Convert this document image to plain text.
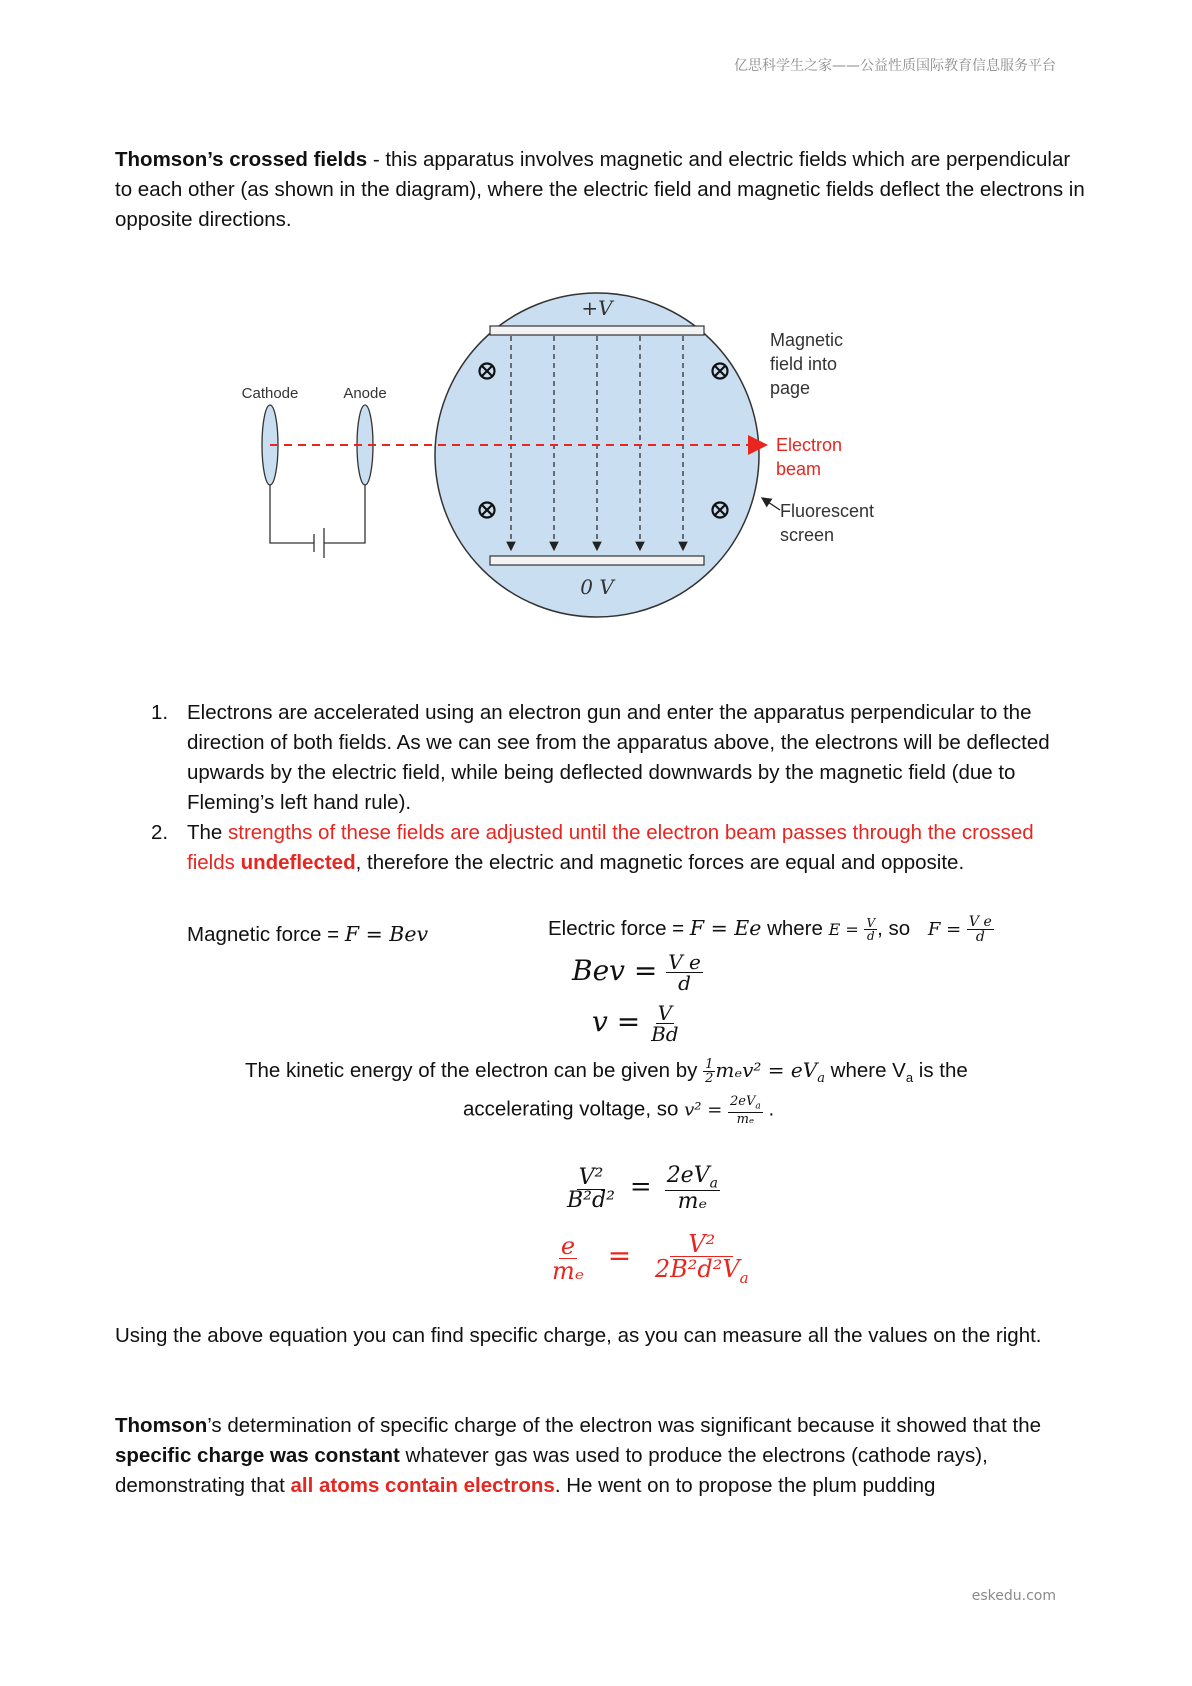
亿思科学生之家——公益性质国际教育信息服务平台

Thomson’s crossed fields - this apparatus involves magnetic and electric fields which are perpendicular to each other (as shown in the diagram), where the electric field and magnetic fields deflect the electrons in opposite directions.

+V
0 V
Cathode	Anode
Magnetic
field into
page
Electron
beam
Fluorescent
screen
1. Electrons are accelerated using an electron gun and enter the apparatus perpendicular to the direction of both fields. As we can see from the apparatus above, the electrons will be deflected upwards by the electric field, while being deflected downwards by the magnetic field (due to Fleming’s left hand rule).
2. The strengths of these fields are adjusted until the electron beam passes through the crossed fields undeflected, therefore the electric and magnetic forces are equal and opposite.
Magnetic force = F = Bev	Electric force = F = Ee where $E = \frac{V}{d}$ , so $F = \frac{\text{V e}}{d}$
Bev = $\frac{\text{V e}}{d}$
$v = \frac{V}{Bd}$
The kinetic energy of the electron can be given by $\frac{1}{2} m_ev^2 = eV_a$ where $V_a$ is the
accelerating voltage, so $v^2 = \frac{2eV_a}{\text{mₑ}}$ .
$\frac{\text{V²}}{\text{B²d²}} = \frac{2eV_a}{\text{mₑ}}$
$\frac{e}{\text{mₑ}} = \frac{\text{V²}}{2B^2d^2V_a}$

Using the above equation you can find specific charge, as you can measure all the values on the right.

Thomson’s determination of specific charge of the electron was significant because it showed that the specific charge was constant whatever gas was used to produce the electrons (cathode rays), demonstrating that all atoms contain electrons. He went on to propose the plum pudding

eskedu.com
